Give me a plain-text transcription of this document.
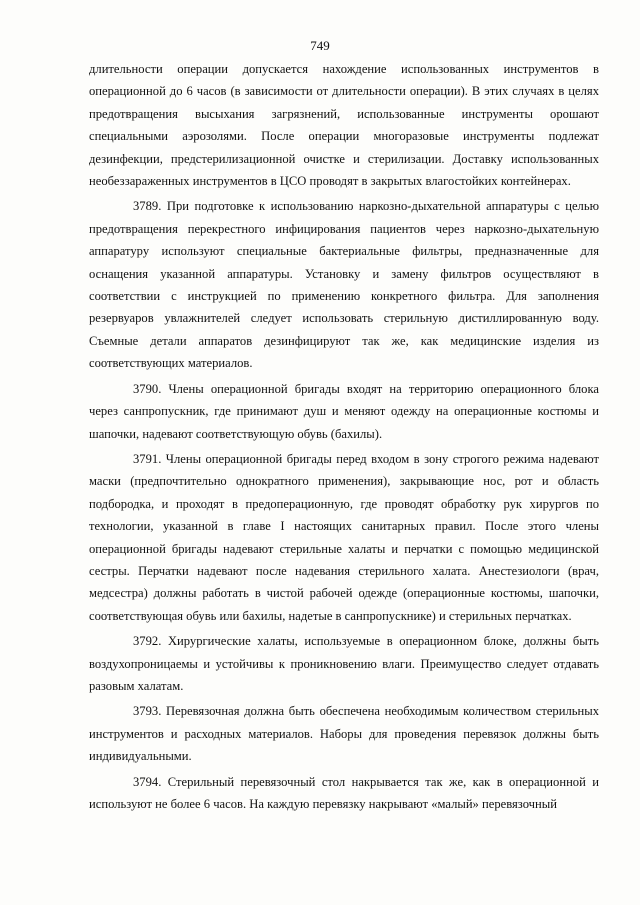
749

длительности операции допускается нахождение использованных инструментов в операционной до 6 часов (в зависимости от длительности операции). В этих случаях в целях предотвращения высыхания загрязнений, использованные инструменты орошают специальными аэрозолями. После операции многоразовые инструменты подлежат дезинфекции, предстерилизационной очистке и стерилизации. Доставку использованных необеззараженных инструментов в ЦСО проводят в закрытых влагостойких контейнерах.

3789. При подготовке к использованию наркозно-дыхательной аппаратуры с целью предотвращения перекрестного инфицирования пациентов через наркозно-дыхательную аппаратуру используют специальные бактериальные фильтры, предназначенные для оснащения указанной аппаратуры. Установку и замену фильтров осуществляют в соответствии с инструкцией по применению конкретного фильтра. Для заполнения резервуаров увлажнителей следует использовать стерильную дистиллированную воду. Съемные детали аппаратов дезинфицируют так же, как медицинские изделия из соответствующих материалов.

3790. Члены операционной бригады входят на территорию операционного блока через санпропускник, где принимают душ и меняют одежду на операционные костюмы и шапочки, надевают соответствующую обувь (бахилы).

3791. Члены операционной бригады перед входом в зону строгого режима надевают маски (предпочтительно однократного применения), закрывающие нос, рот и область подбородка, и проходят в предоперационную, где проводят обработку рук хирургов по технологии, указанной в главе I настоящих санитарных правил. После этого члены операционной бригады надевают стерильные халаты и перчатки с помощью медицинской сестры. Перчатки надевают после надевания стерильного халата. Анестезиологи (врач, медсестра) должны работать в чистой рабочей одежде (операционные костюмы, шапочки, соответствующая обувь или бахилы, надетые в санпропускнике) и стерильных перчатках.

3792. Хирургические халаты, используемые в операционном блоке, должны быть воздухопроницаемы и устойчивы к проникновению влаги. Преимущество следует отдавать разовым халатам.

3793. Перевязочная должна быть обеспечена необходимым количеством стерильных инструментов и расходных материалов. Наборы для проведения перевязок должны быть индивидуальными.

3794. Стерильный перевязочный стол накрывается так же, как в операционной и используют не более 6 часов. На каждую перевязку накрывают «малый» перевязочный
